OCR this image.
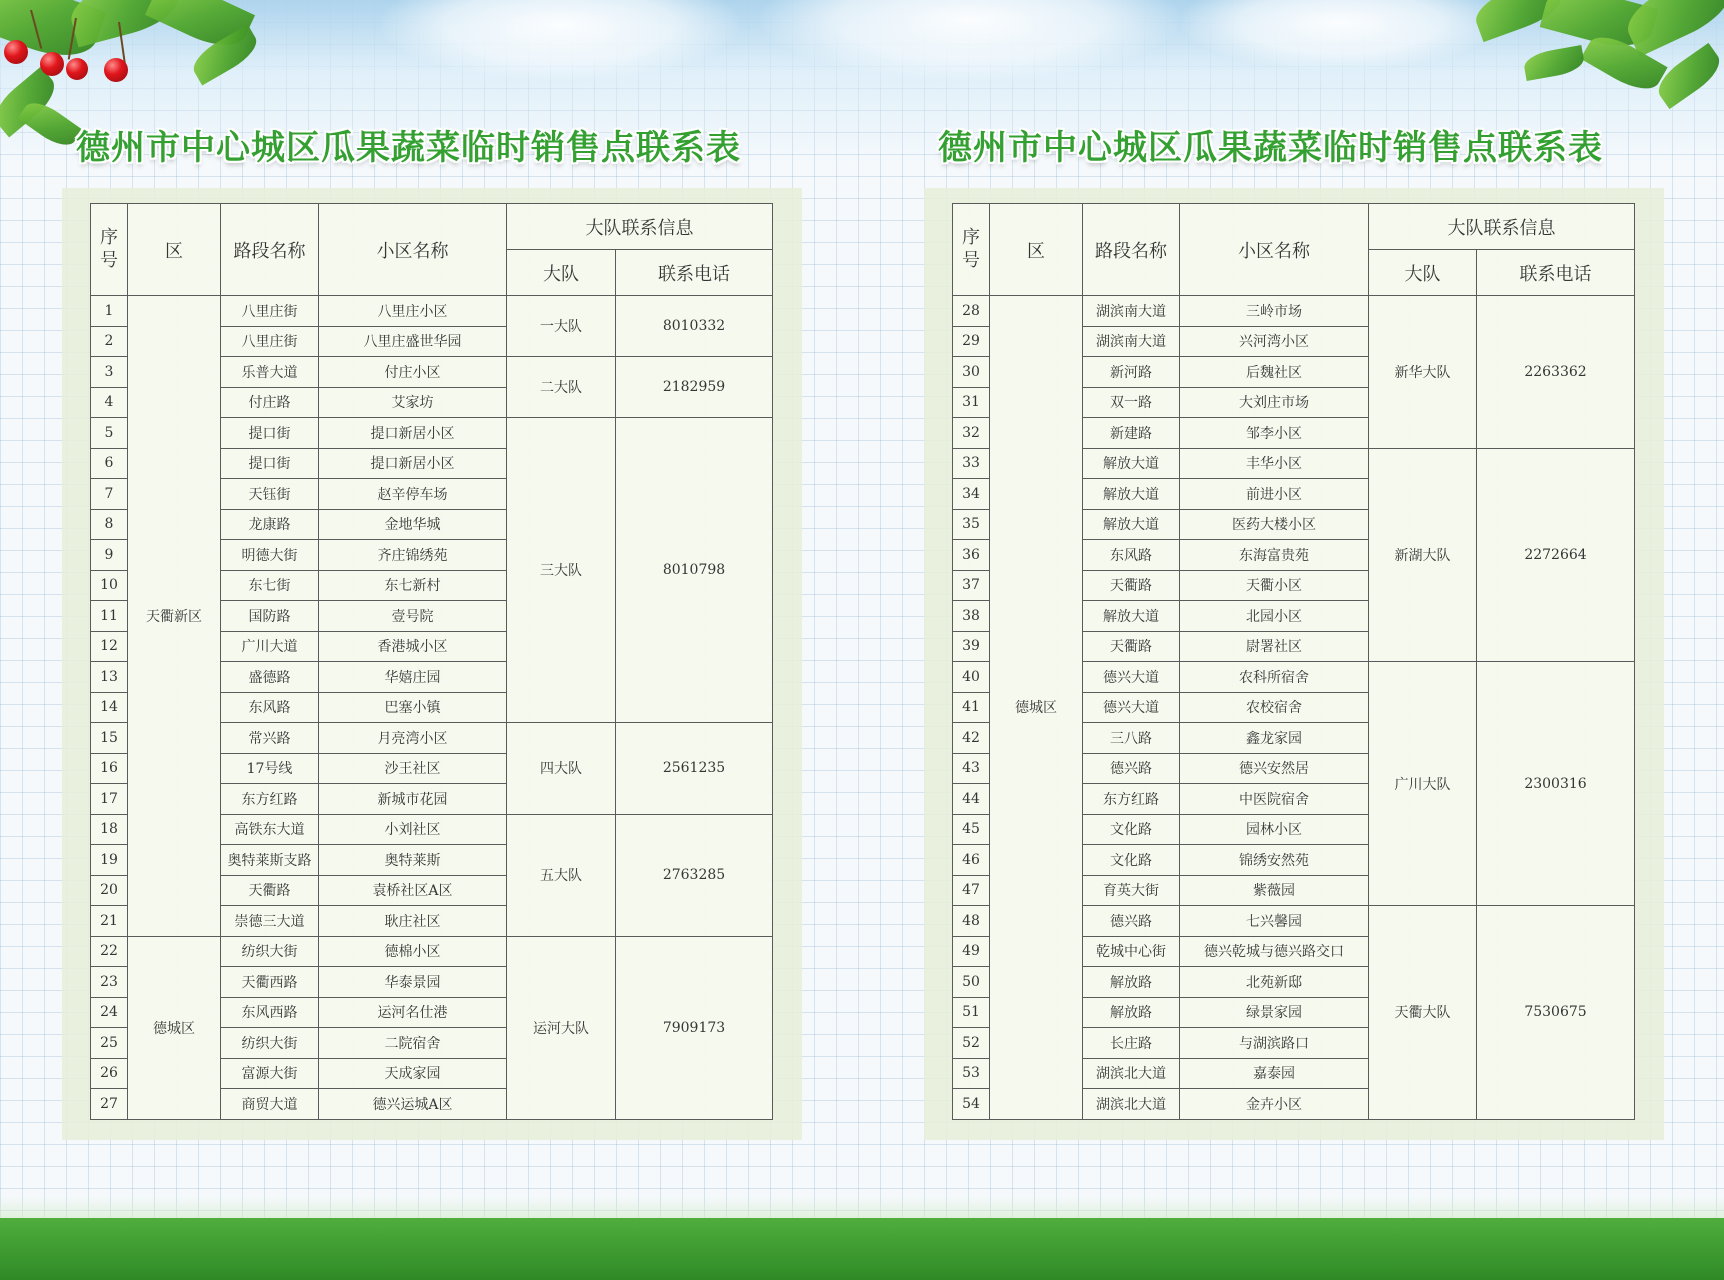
德州市中心城区瓜果蔬菜临时销售点联系表
序号	区	路段名称	小区名称	大队联系信息	
				大队	联系电话
1	天衢新区	八里庄街	八里庄小区	一大队	8010332
2		八里庄街	八里庄盛世华园		
3		乐普大道	付庄小区	二大队	2182959
4		付庄路	艾家坊		
5		提口街	提口新居小区	三大队	8010798
6		提口街	提口新居小区		
7		天钰街	赵辛停车场		
8		龙康路	金地华城		
9		明德大街	齐庄锦绣苑		
10		东七街	东七新村		
11		国防路	壹号院		
12		广川大道	香港城小区		
13		盛德路	华嬉庄园		
14		东风路	巴塞小镇		
15		常兴路	月亮湾小区	四大队	2561235
16		17号线	沙王社区		
17		东方红路	新城市花园		
18		高铁东大道	小刘社区	五大队	2763285
19		奥特莱斯支路	奥特莱斯		
20		天衢路	袁桥社区A区		
21		崇德三大道	耿庄社区		
22	德城区	纺织大街	德棉小区	运河大队	7909173
23		天衢西路	华泰景园		
24		东风西路	运河名仕港		
25		纺织大街	二院宿舍		
26		富源大街	天成家园		
27		商贸大道	德兴运城A区		
德州市中心城区瓜果蔬菜临时销售点联系表
序号	区	路段名称	小区名称	大队联系信息	
				大队	联系电话
28	德城区	湖滨南大道	三岭市场	新华大队	2263362
29		湖滨南大道	兴河湾小区		
30		新河路	后魏社区		
31		双一路	大刘庄市场		
32		新建路	邹李小区		
33		解放大道	丰华小区	新湖大队	2272664
34		解放大道	前进小区		
35		解放大道	医药大楼小区		
36		东风路	东海富贵苑		
37		天衢路	天衢小区		
38		解放大道	北园小区		
39		天衢路	尉署社区		
40		德兴大道	农科所宿舍	广川大队	2300316
41		德兴大道	农校宿舍		
42		三八路	鑫龙家园		
43		德兴路	德兴安然居		
44		东方红路	中医院宿舍		
45		文化路	园林小区		
46		文化路	锦绣安然苑		
47		育英大街	紫薇园		
48		德兴路	七兴馨园	天衢大队	7530675
49		乾城中心街	德兴乾城与德兴路交口		
50		解放路	北苑新邸		
51		解放路	绿景家园		
52		长庄路	与湖滨路口		
53		湖滨北大道	嘉泰园		
54		湖滨北大道	金卉小区		
